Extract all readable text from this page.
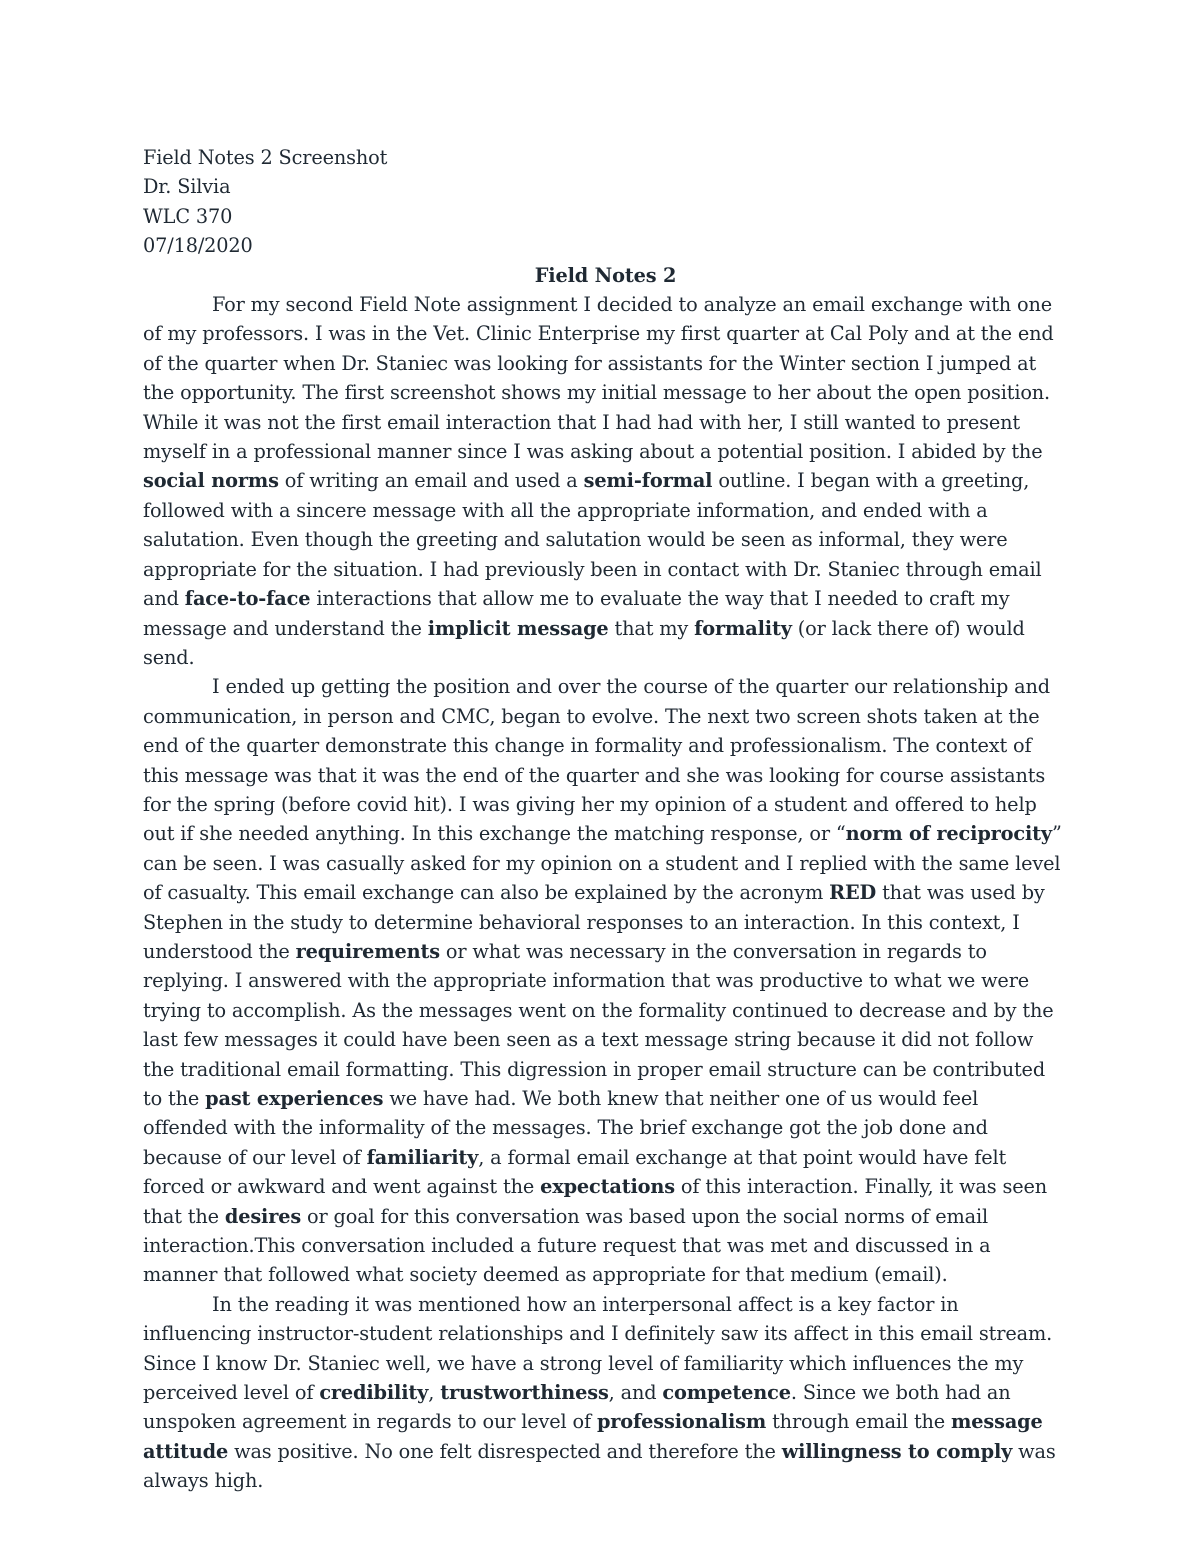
Field Notes 2 Screenshot
Dr. Silvia
WLC 370
07/18/2020
Field Notes 2

For my second Field Note assignment I decided to analyze an email exchange with one of my professors. I was in the Vet. Clinic Enterprise my first quarter at Cal Poly and at the end of the quarter when Dr. Staniec was looking for assistants for the Winter section I jumped at the opportunity. The first screenshot shows my initial message to her about the open position. While it was not the first email interaction that I had had with her, I still wanted to present myself in a professional manner since I was asking about a potential position. I abided by the social norms of writing an email and used a semi-formal outline. I began with a greeting, followed with a sincere message with all the appropriate information, and ended with a salutation. Even though the greeting and salutation would be seen as informal, they were appropriate for the situation. I had previously been in contact with Dr. Staniec through email and face-to-face interactions that allow me to evaluate the way that I needed to craft my message and understand the implicit message that my formality (or lack there of) would send.

I ended up getting the position and over the course of the quarter our relationship and communication, in person and CMC, began to evolve. The next two screen shots taken at the end of the quarter demonstrate this change in formality and professionalism. The context of this message was that it was the end of the quarter and she was looking for course assistants for the spring (before covid hit). I was giving her my opinion of a student and offered to help out if she needed anything. In this exchange the matching response, or “norm of reciprocity” can be seen. I was casually asked for my opinion on a student and I replied with the same level of casualty. This email exchange can also be explained by the acronym RED that was used by Stephen in the study to determine behavioral responses to an interaction. In this context, I understood the requirements or what was necessary in the conversation in regards to replying. I answered with the appropriate information that was productive to what we were trying to accomplish. As the messages went on the formality continued to decrease and by the last few messages it could have been seen as a text message string because it did not follow the traditional email formatting. This digression in proper email structure can be contributed to the past experiences we have had. We both knew that neither one of us would feel offended with the informality of the messages. The brief exchange got the job done and because of our level of familiarity, a formal email exchange at that point would have felt forced or awkward and went against the expectations of this interaction. Finally, it was seen that the desires or goal for this conversation was based upon the social norms of email interaction.This conversation included a future request that was met and discussed in a manner that followed what society deemed as appropriate for that medium (email).

In the reading it was mentioned how an interpersonal affect is a key factor in influencing instructor-student relationships and I definitely saw its affect in this email stream. Since I know Dr. Staniec well, we have a strong level of familiarity which influences the my perceived level of credibility, trustworthiness, and competence. Since we both had an unspoken agreement in regards to our level of professionalism through email the message attitude was positive. No one felt disrespected and therefore the willingness to comply was always high.
